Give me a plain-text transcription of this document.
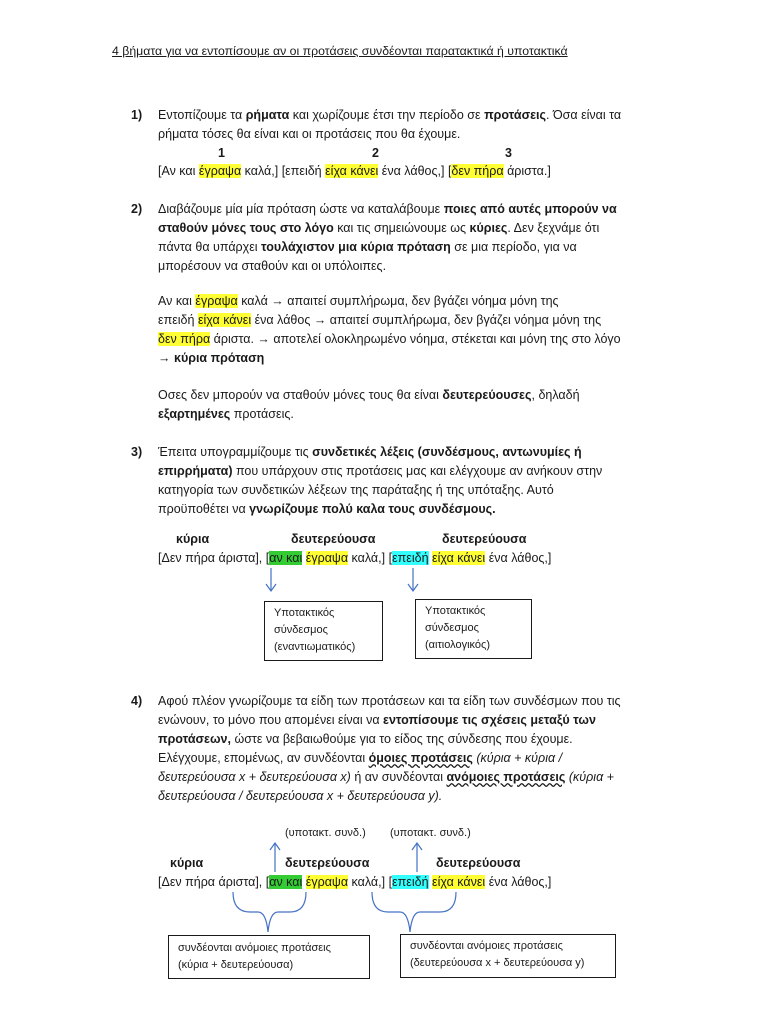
4 βήματα για να εντοπίσουμε αν οι προτάσεις συνδέονται παρατακτικά ή υποτακτικά
1) Εντοπίζουμε τα ρήματα και χωρίζουμε έτσι την περίοδο σε προτάσεις. Όσα είναι τα

ρήματα τόσες θα είναι και οι προτάσεις που θα έχουμε.

1	2	3
[Αν και έγραψα καλά,] [επειδή είχα κάνει ένα λάθος,] [δεν πήρα άριστα.]
2) Διαβάζουμε μία μία πρόταση ώστε να καταλάβουμε ποιες από αυτές μπορούν να

σταθούν μόνες τους στο λόγο και τις σημειώνουμε ως κύριες. Δεν ξεχνάμε ότι

πάντα θα υπάρχει τουλάχιστον μια κύρια πρόταση σε μια περίοδο, για να

μπορέσουν να σταθούν και οι υπόλοιπες.

Αν και έγραψα καλά → απαιτεί συμπλήρωμα, δεν βγάζει νόημα μόνη της

επειδή είχα κάνει ένα λάθος → απαιτεί συμπλήρωμα, δεν βγάζει νόημα μόνη της

δεν πήρα άριστα. → αποτελεί ολοκληρωμένο νόημα, στέκεται και μόνη της στο λόγο

→ κύρια πρόταση

Οσες δεν μπορούν να σταθούν μόνες τους θα είναι δευτερεύουσες, δηλαδή

εξαρτημένες προτάσεις.

3) Έπειτα υπογραμμίζουμε τις συνδετικές λέξεις (συνδέσμους, αντωνυμίες ή

επιρρήματα) που υπάρχουν στις προτάσεις μας και ελέγχουμε αν ανήκουν στην

κατηγορία των συνδετικών λέξεων της παράταξης ή της υπόταξης. Αυτό

προϋποθέτει να γνωρίζουμε πολύ καλα τους συνδέσμους.

κύρια	δευτερεύουσα	δευτερεύουσα
[Δεν πήρα άριστα], [αν και έγραψα καλά,] [επειδή είχα κάνει ένα λάθος,]
Υποτακτικός
σύνδεσμος
(εναντιωματικός)
Υποτακτικός
σύνδεσμος
(αιτιολογικός)
4) Αφού πλέον γνωρίζουμε τα είδη των προτάσεων και τα είδη των συνδέσμων που τις

ενώνουν, το μόνο που απομένει είναι να εντοπίσουμε τις σχέσεις μεταξύ των

προτάσεων, ώστε να βεβαιωθούμε για το είδος της σύνδεσης που έχουμε.

Ελέγχουμε, επομένως, αν συνδέονται όμοιες προτάσεις (κύρια + κύρια /

δευτερεύουσα x + δευτερεύουσα x) ή αν συνδέονται ανόμοιες προτάσεις (κύρια +

δευτερεύουσα / δευτερεύουσα x + δευτερεύουσα y).

(υποτακτ. συνδ.) (υποτακτ. συνδ.)
κύρια	δευτερεύουσα	δευτερεύουσα
[Δεν πήρα άριστα], [αν και έγραψα καλά,] [επειδή είχα κάνει ένα λάθος,]
συνδέονται ανόμοιες προτάσεις
(κύρια + δευτερεύουσα)
συνδέονται ανόμοιες προτάσεις
(δευτερεύουσα x + δευτερεύουσα y)
